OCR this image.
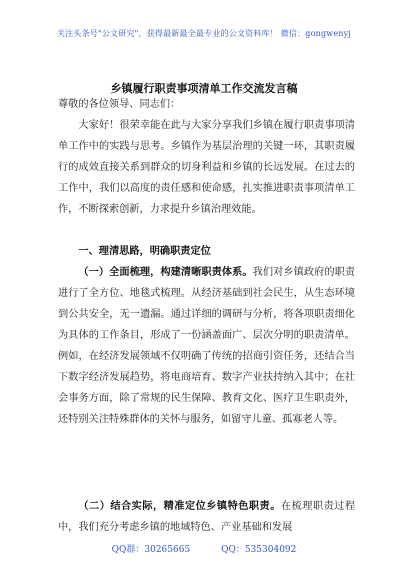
关注头条号"公文研究"，获得最新最全最专业的公文资料库！ 微信：gongwenyj
乡镇履行职责事项清单工作交流发言稿

尊敬的各位领导、同志们：

大家好！很荣幸能在此与大家分享我们乡镇在履行职责事项清单工作中的实践与思考。乡镇作为基层治理的关键一环，其职责履行的成效直接关系到群众的切身利益和乡镇的长远发展。在过去的工作中，我们以高度的责任感和使命感，扎实推进职责事项清单工作，不断探索创新，力求提升乡镇治理效能。

一、理清思路，明确职责定位

（一）全面梳理，构建清晰职责体系。我们对乡镇政府的职责进行了全方位、地毯式梳理。从经济基础到社会民生，从生态环境到公共安全，无一遗漏。通过详细的调研与分析，将各项职责细化为具体的工作条目，形成了一份涵盖面广、层次分明的职责清单。例如，在经济发展领域不仅明确了传统的招商引资任务，还结合当下数字经济发展趋势，将电商培育、数字产业扶持纳入其中；在社会事务方面，除了常规的民生保障、教育文化、医疗卫生职责外，还特别关注特殊群体的关怀与服务，如留守儿童、孤寡老人等。

（二）结合实际，精准定位乡镇特色职责。在梳理职责过程中，我们充分考虑乡镇的地域特色、产业基础和发展

QQ群：30265665	QQ：535304092
